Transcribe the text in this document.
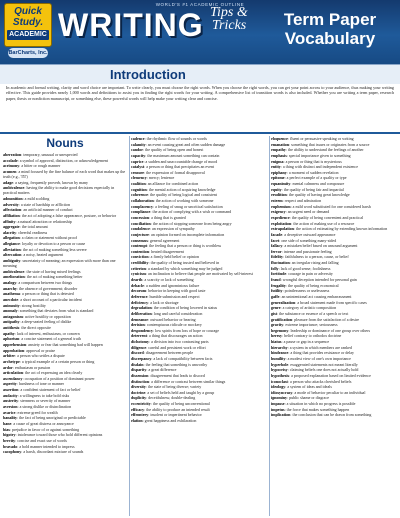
WORLD'S #1 ACADEMIC OUTLINE
Quick
Study.
ACADEMIC
BarCharts, Inc.
WRITING Tips &
Tricks	Term Paper
Vocabulary
Introduction
In academic and formal writing, clarity and word choice are important. To write clearly, you must choose the right words. When you choose the right words, you can get your point across to your audience, thus making your writing effective. This guide provides nearly 1,000 words and definitions to assist you in finding the right words for your writing. A comprehensive list of transition words is also included. Whether you are writing a term paper, research paper, thesis or nonfiction manuscript, or something else, these powerful words will help make your writing clear and concise.
Nouns
aberration: temporary, unusual or unexpected
accolade: a symbol of approval, distinction, or acknowledgement
acrimony: a bitter or rough manner
acumen: a mind focused by the fine balance of each word that makes up the truth (e.g., 'I'll')
adage: a saying, frequently proverb, known by many
ambivalence: having the ability to make good decisions especially in practical matters
admonition: a mild scolding
adversity: a state of hardship or affliction
affectation: an artificial manner of conduct
affiliation: the act of adopting a false appearance, posture, or behavior
affinity: a natural attraction or relationship
aggregate: the total amount
alacrity: cheerful readiness
allegation: a claim or statement without proof
allegiance: loyalty or devotion to a person or cause
alleviation: the act of making something less severe
altercation: a noisy, heated argument
ambiguity: uncertainty of meaning; an expression with more than one meaning
ambivalence: the state of having mixed feelings
amelioration: the act of making something better
analogy: a comparison between two things
anarchy: the absence of government; disorder
anathema: a person or thing that is detested
anecdote: a short account of a particular incident
animosity: strong hostility
anomaly: something that deviates from what is standard
antagonism: active hostility or opposition
antipathy: a deep-seated feeling of dislike
antithesis: the direct opposite
apathy: lack of interest, enthusiasm, or concern
aphorism: a concise statement of a general truth
apprehension: anxiety or fear that something bad will happen
approbation: approval or praise
arbiter: a person who settles a dispute
archetype: a typical example of a certain person or thing
ardor: enthusiasm or passion
articulation: the act of expressing an idea clearly
ascendancy: occupation of a position of dominant power
asperity: harshness of tone or manner
assertion: a confident statement of fact or belief
audacity: a willingness to take bold risks
austerity: sternness or severity of manner
aversion: a strong dislike or disinclination
avarice: extreme greed for wealth
banality: the fact of being unoriginal or predictable
bane: a cause of great distress or annoyance
bias: prejudice in favor of or against something
bigotry: intolerance toward those who hold different opinions
brevity: concise and exact use of words
bravado: a bold manner intended to impress
cacophony: a harsh, discordant mixture of sounds
cadence: the rhythmic flow of sounds or words
calamity: an event causing great and often sudden damage
candor: the quality of being open and honest
capacity: the maximum amount something can contain
caprice: a sudden and unaccountable change of mood
catalyst: a person or thing that precipitates an event
censure: the expression of formal disapproval
clemency: mercy; lenience
coalition: an alliance for combined action
cognition: the mental action of acquiring knowledge
coherence: the quality of being logical and consistent
collaboration: the action of working with someone
complacency: a feeling of smug or uncritical satisfaction
compliance: the action of complying with a wish or command
concession: a thing that is granted
conciliation: the action of stopping someone from being angry
condolence: an expression of sympathy
conjecture: an opinion formed on incomplete information
consensus: general agreement
contempt: the feeling that a person or thing is worthless
contention: heated disagreement
conviction: a firmly held belief or opinion
credibility: the quality of being trusted and believed in
criterion: a standard by which something may be judged
cynicism: an inclination to believe that people are motivated by self-interest
dearth: a scarcity or lack of something
debacle: a sudden and ignominious failure
decorum: behavior in keeping with good taste
deference: humble submission and respect
deficiency: a lack or shortage
degradation: the condition of being lowered in status
deliberation: long and careful consideration
demeanor: outward behavior or bearing
derision: contemptuous ridicule or mockery
despondency: low spirits from loss of hope or courage
deterrent: a thing that discourages an action
dichotomy: a division into two contrasting parts
diligence: careful and persistent work or effort
discord: disagreement between people
discrepancy: a lack of compatibility between facts
disdain: the feeling that something is unworthy
disparity: a great difference
dissension: disagreement that leads to discord
distinction: a difference or contrast between similar things
diversity: the state of being diverse; variety
doctrine: a set of beliefs held and taught by a group
duplicity: deceitfulness; double-dealing
eccentricity: the quality of being unconventional
efficacy: the ability to produce an intended result
effrontery: insolent or impertinent behavior
elation: great happiness and exhilaration
eloquence: fluent or persuasive speaking or writing
emanation: something that issues or originates from a source
empathy: the ability to understand the feelings of another
emphasis: special importance given to something
enigma: a person or thing that is mysterious
entity: a thing with distinct and independent existence
epiphany: a moment of sudden revelation
epitome: a perfect example of a quality or type
equanimity: mental calmness and composure
equity: the quality of being fair and impartial
erudition: the quality of having great knowledge
esteem: respect and admiration
euphemism: a mild word substituted for one considered harsh
exigency: an urgent need or demand
expedience: the quality of being convenient and practical
exploitation: the action of making use of a resource
extrapolation: the action of estimating by extending known information
facade: a deceptive outward appearance
facet: one side of something many-sided
fallacy: a mistaken belief based on unsound argument
fervor: intense and passionate feeling
fidelity: faithfulness to a person, cause, or belief
fluctuation: an irregular rising and falling
folly: lack of good sense; foolishness
fortitude: courage in pain or adversity
fraud: wrongful deception intended for personal gain
frugality: the quality of being economical
futility: pointlessness or uselessness
gaffe: an unintentional act causing embarrassment
generalization: a broad statement made from specific cases
genre: a category of artistic composition
gist: the substance or essence of a speech or text
gratification: pleasure from the satisfaction of a desire
gravity: extreme importance; seriousness
hegemony: leadership or dominance of one group over others
heresy: belief contrary to orthodox doctrine
hiatus: a pause or gap in a sequence
hierarchy: a system in which members are ranked
hindrance: a thing that provides resistance or delay
humility: a modest view of one's own importance
hyperbole: exaggerated statements not meant literally
hypocrisy: claiming beliefs one does not actually hold
hypothesis: a proposed explanation based on limited evidence
iconoclast: a person who attacks cherished beliefs
ideology: a system of ideas and ideals
idiosyncrasy: a mode of behavior peculiar to an individual
ignominy: public shame or disgrace
impasse: a situation in which no progress is possible
impetus: the force that makes something happen
implication: the conclusion that can be drawn from something
